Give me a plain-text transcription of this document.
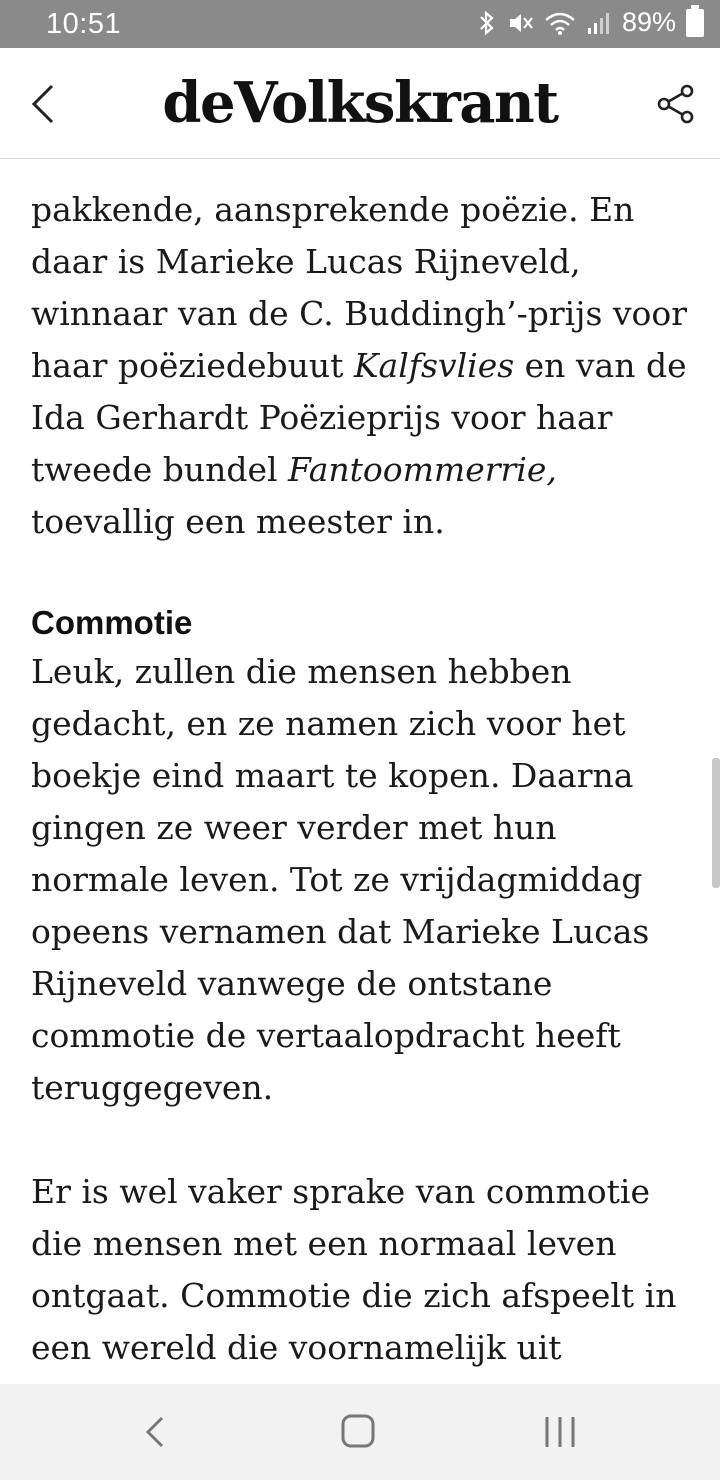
10:51	89%
deVolkskrant
pakkende, aansprekende poëzie. En
daar is Marieke Lucas Rijneveld,
winnaar van de C. Buddingh’-prijs voor
haar poëziedebuut Kalfsvlies en van de
Ida Gerhardt Poëzieprijs voor haar
tweede bundel Fantoommerrie,
toevallig een meester in.
Commotie
Leuk, zullen die mensen hebben
gedacht, en ze namen zich voor het
boekje eind maart te kopen. Daarna
gingen ze weer verder met hun
normale leven. Tot ze vrijdagmiddag
opeens vernamen dat Marieke Lucas
Rijneveld vanwege de ontstane
commotie de vertaalopdracht heeft
teruggegeven.
Er is wel vaker sprake van commotie
die mensen met een normaal leven
ontgaat. Commotie die zich afspeelt in
een wereld die voornamelijk uit
